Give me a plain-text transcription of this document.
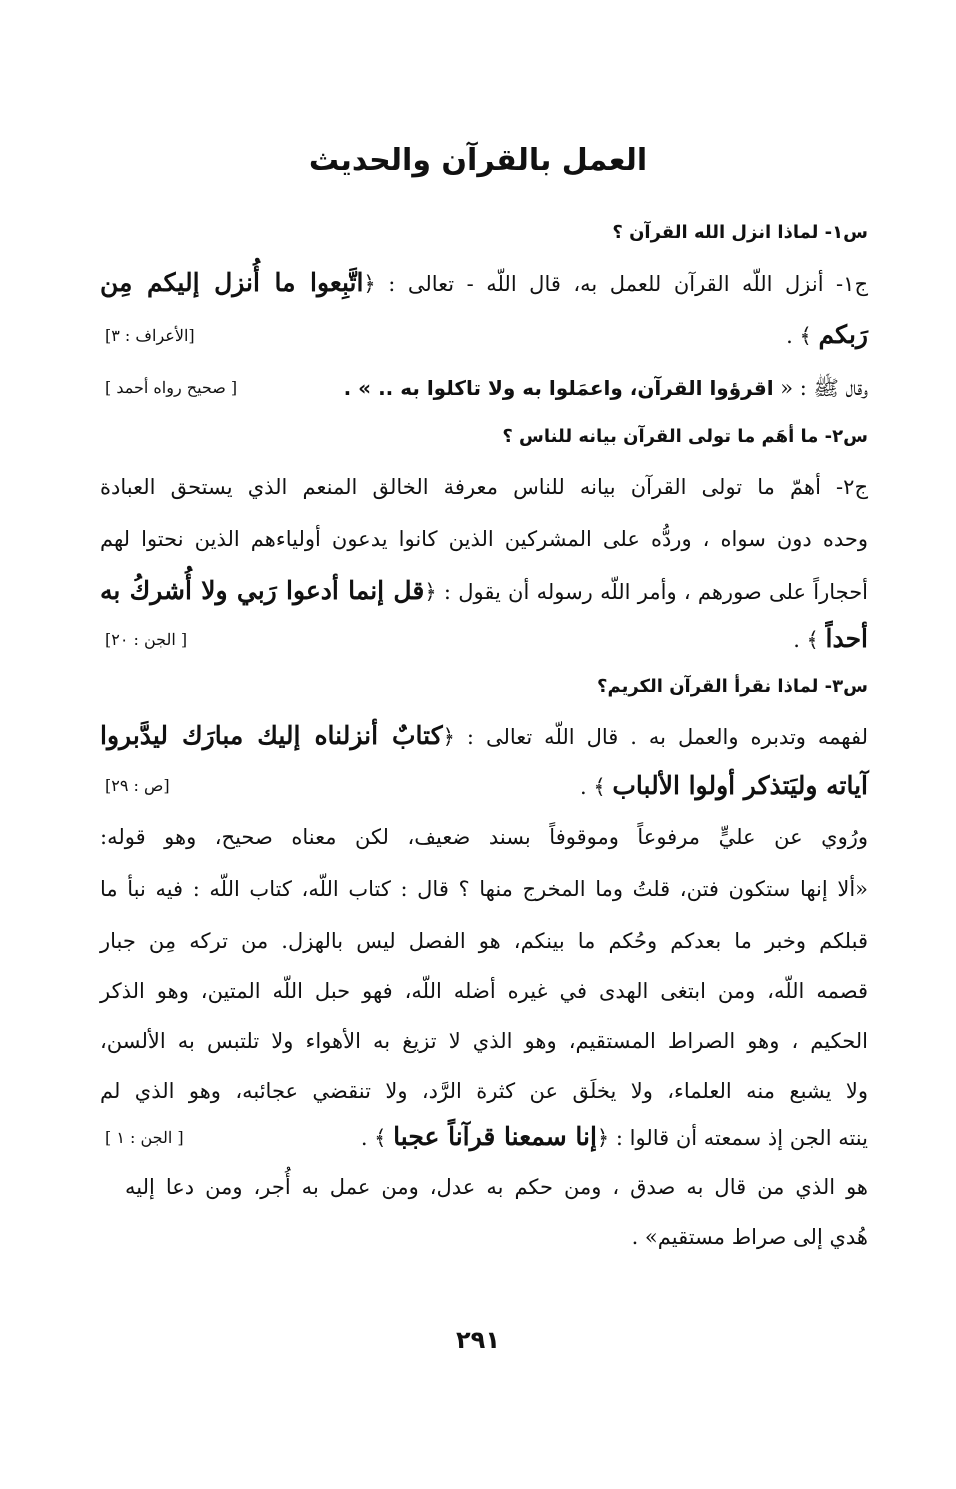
العمل بالقرآن والحديث
س١- لماذا انزل الله القرآن ؟
ج١- أنزل اللّه القرآن للعمل به، قال اللّه - تعالى : ﴿اتَّبِعوا ما أُنزل إليكم مِن
رَبكم ﴾ .
[الأعراف : ٣]
وقال ﷺ : « اقرؤوا القرآن، واعمَلوا به ولا تاكلوا به .. » .
[ صحيح رواه أحمد ]
س٢- ما أهَم ما تولى القرآن بيانه للناس ؟
ج٢- أهمّ ما تولى القرآن بيانه للناس معرفة الخالق المنعم الذي يستحق العبادة
وحده دون سواه ، وردُّه على المشركين الذين كانوا يدعون أولياءهم الذين نحتوا لهم
أحجاراً على صورهم ، وأمر اللّه رسوله أن يقول : ﴿قل إنما أدعوا رَبي ولا أُشركُ به
أحداً ﴾ .
[ الجن : ٢٠]
س٣- لماذا نقرأ القرآن الكريم؟
لفهمه وتدبره والعمل به . قال اللّه تعالى : ﴿كتابٌ أنزلناه إليك مبارَك ليدَّبروا
آياته وليَتذكر أولوا الألباب ﴾ .
[ص : ٢٩]
ورُوي عن عليٍّ مرفوعاً وموقوفاً بسند ضعيف، لكن معناه صحيح، وهو قوله:
«ألا إنها ستكون فتن، قلتُ وما المخرج منها ؟ قال : كتاب اللّه، كتاب اللّه : فيه نبأ ما
قبلكم وخبر ما بعدكم وحُكم ما بينكم، هو الفصل ليس بالهزل. من تركه مِن جبار
قصمه اللّه، ومن ابتغى الهدى في غيره أضله اللّه، فهو حبل اللّه المتين، وهو الذكر
الحكيم ، وهو الصراط المستقيم، وهو الذي لا تزيغ به الأهواء ولا تلتبس به الألسن،
ولا يشبع منه العلماء، ولا يخلَق عن كثرة الرَّد، ولا تنقضي عجائبه، وهو الذي لم
ينته الجن إذ سمعته أن قالوا : ﴿إنا سمعنا قرآناً عجبا ﴾ .
[ الجن : ١ ]
هو الذي من قال به صدق ، ومن حكم به عدل، ومن عمل به أُجر، ومن دعا إليه
هُدي إلى صراط مستقيم» .
٢٩١
